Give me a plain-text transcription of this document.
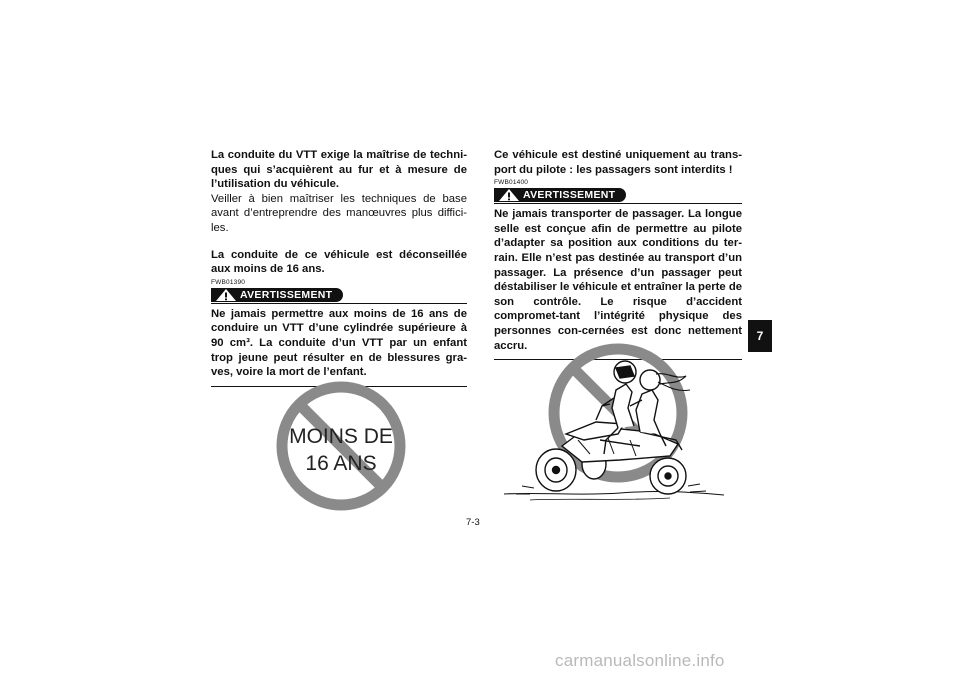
La conduite du VTT exige la maîtrise de techni-ques qui s’acquièrent au fur et à mesure de l’utilisation du véhicule.

Veiller à bien maîtriser les techniques de base avant d’entreprendre des manœuvres plus diffici-les.

La conduite de ce véhicule est déconseillée aux moins de 16 ans.

FWB01390
AVERTISSEMENT

Ne jamais permettre aux moins de 16 ans de conduire un VTT d’une cylindrée supérieure à 90 cm³. La conduite d’un VTT par un enfant trop jeune peut résulter en de blessures gra-ves, voire la mort de l’enfant.

MOINS DE
16 ANS

Ce véhicule est destiné uniquement au trans-port du pilote : les passagers sont interdits !

FWB01400
AVERTISSEMENT

Ne jamais transporter de passager. La longue selle est conçue afin de permettre au pilote d’adapter sa position aux conditions du ter-rain. Elle n’est pas destinée au transport d’un passager. La présence d’un passager peut déstabiliser le véhicule et entraîner la perte de son contrôle. Le risque d’accident compromet-tant l’intégrité physique des personnes con-cernées est donc nettement accru.

7
7-3
carmanualsonline.info
